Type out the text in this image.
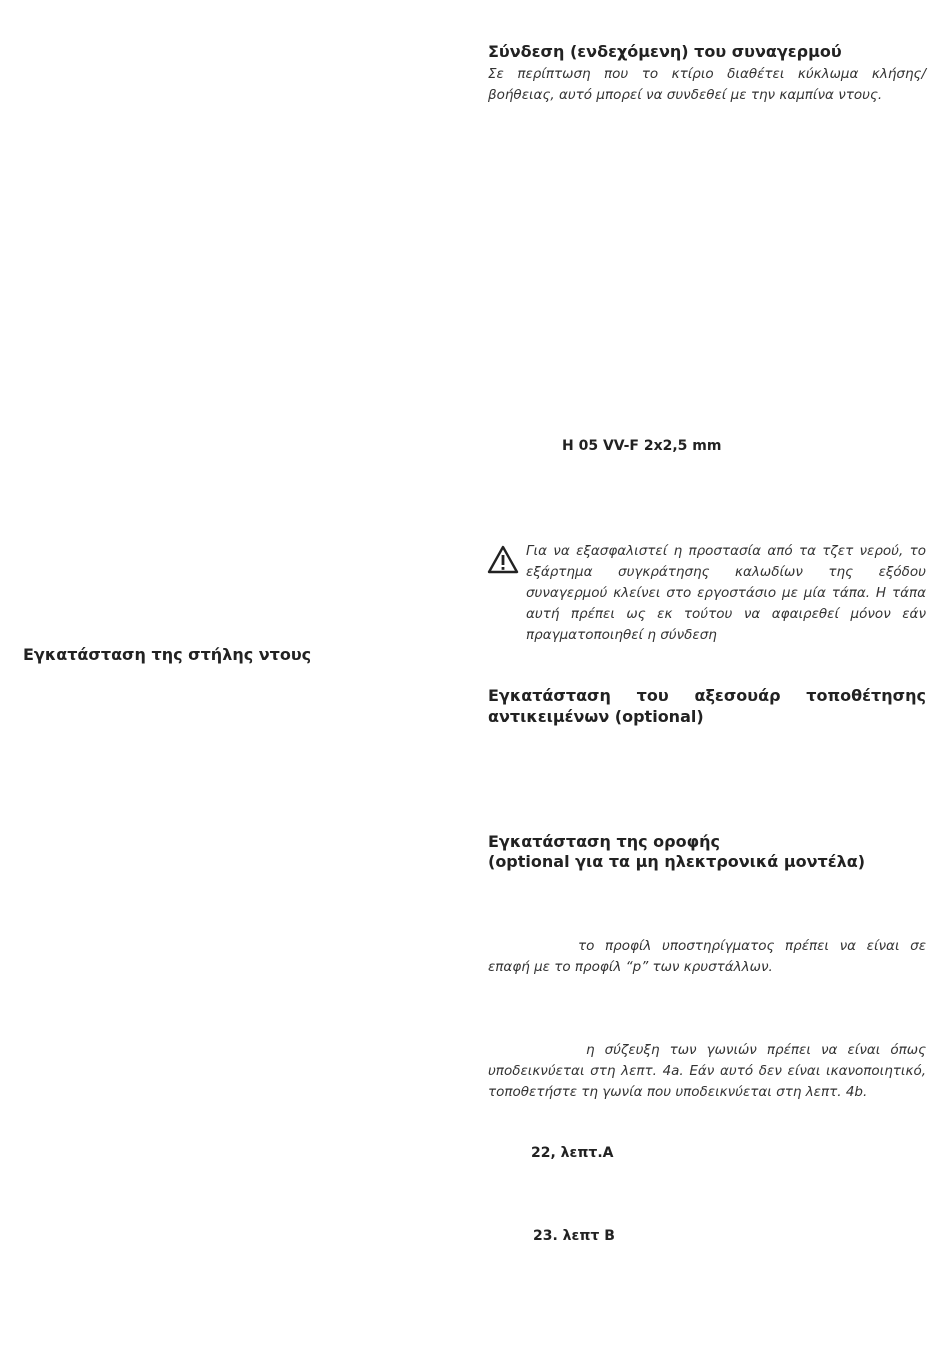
Σύνδεση (ενδεχόμενη) του συναγερμού
Σε περίπτωση που το κτίριο διαθέτει κύκλωμα κλήσης/βοήθειας, αυτό μπορεί να συνδεθεί με την καμπίνα ντους.
H 05 VV-F 2x2,5 mm
Για να εξασφαλιστεί η προστασία από τα τζετ νερού, το εξάρτημα συγκράτησης καλωδίων της εξόδου συναγερμού κλείνει στο εργοστάσιο με μία τάπα. Η τάπα αυτή πρέπει ως εκ τούτου να αφαιρεθεί μόνον εάν πραγματοποιηθεί η σύνδεση
Εγκατάσταση της στήλης ντους
Εγκατάσταση του αξεσουάρ τοποθέτησης
αντικειμένων (optional)
Εγκατάσταση της οροφής
(optional για τα μη ηλεκτρονικά μοντέλα)
το προφίλ υποστηρίγματος πρέπει να είναι σε επαφή με το προφίλ “p” των κρυστάλλων.
η σύζευξη των γωνιών πρέπει να είναι όπως υποδεικνύεται στη λεπτ. 4a. Εάν αυτό δεν είναι ικανοποιητικό, τοποθετήστε τη γωνία που υποδεικνύεται στη λεπτ. 4b.
22, λεπτ.A
23. λεπτ B
